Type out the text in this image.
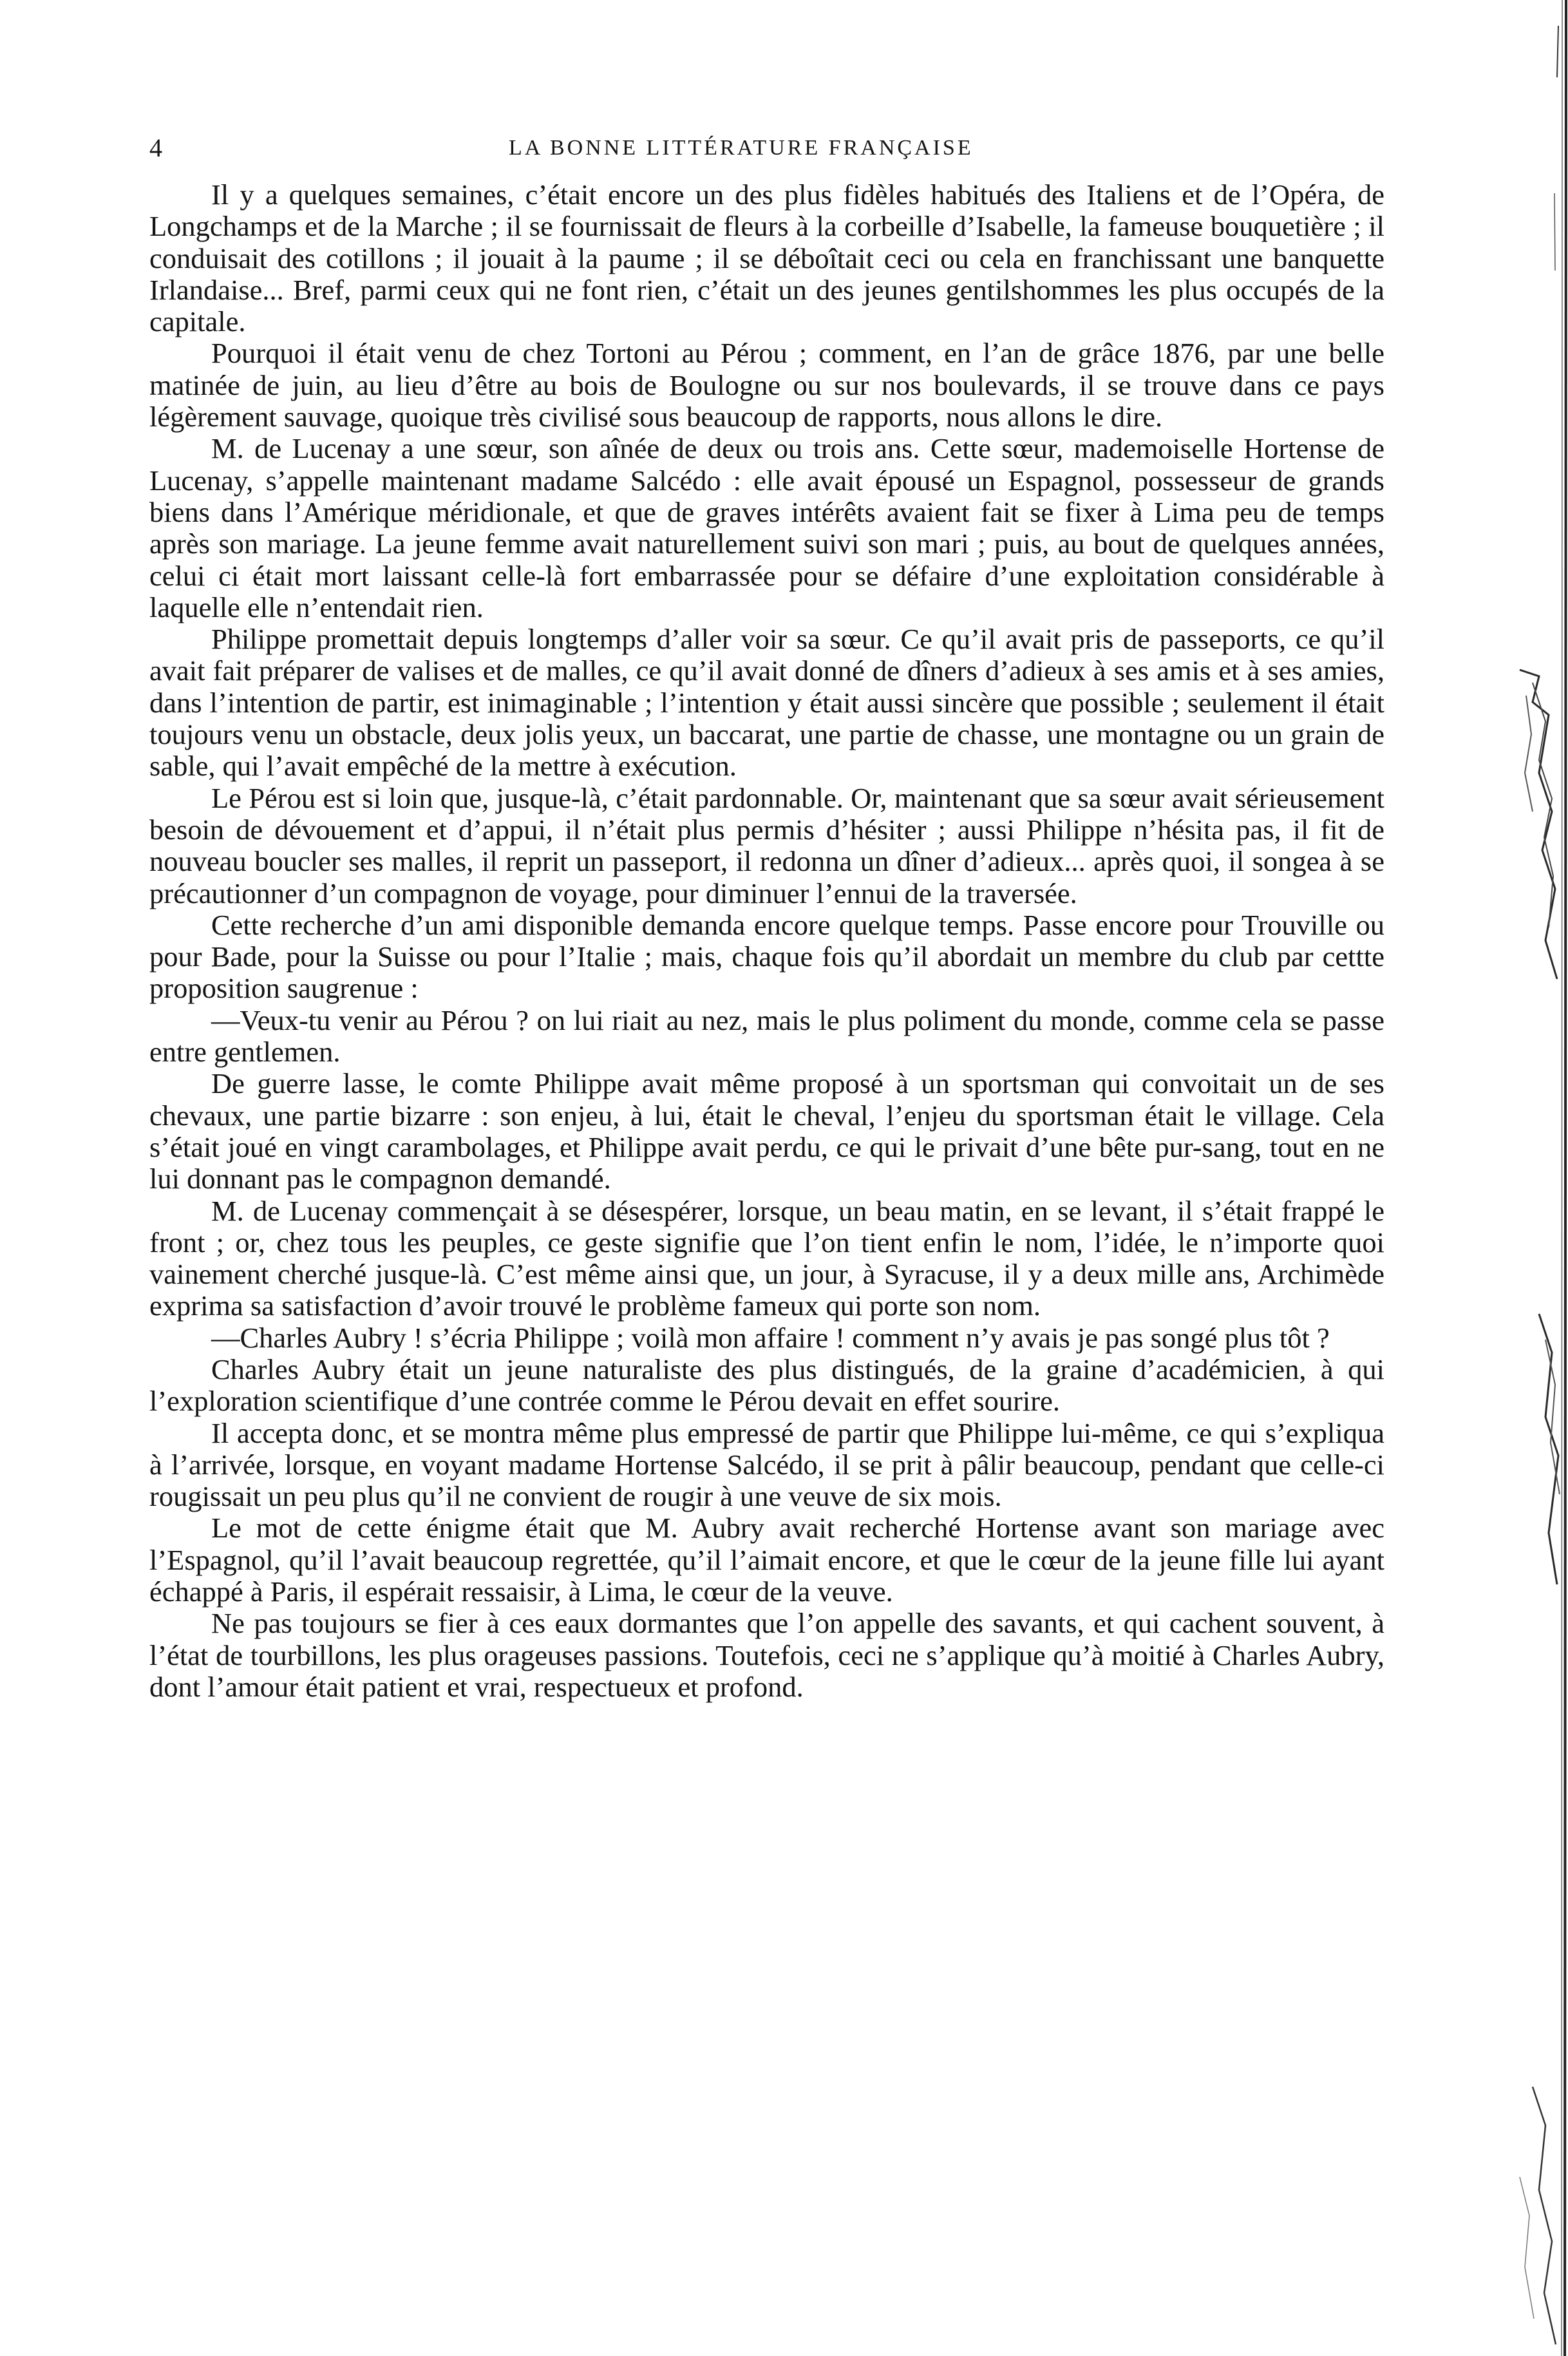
4	LA BONNE LITTÉRATURE FRANÇAISE

Il y a quelques semaines, c’était encore un des plus fidèles habitués des Italiens et de l’Opéra, de Longchamps et de la Marche ; il se fournissait de fleurs à la corbeille d’Isabelle, la fameuse bouquetière ; il conduisait des cotillons ; il jouait à la paume ; il se déboîtait ceci ou cela en franchissant une banquette Irlandaise... Bref, parmi ceux qui ne font rien, c’était un des jeunes gentilshommes les plus occupés de la capitale.

Pourquoi il était venu de chez Tortoni au Pérou ; comment, en l’an de grâce 1876, par une belle matinée de juin, au lieu d’être au bois de Boulogne ou sur nos boulevards, il se trouve dans ce pays légèrement sauvage, quoique très civilisé sous beaucoup de rapports, nous allons le dire.

M. de Lucenay a une sœur, son aînée de deux ou trois ans. Cette sœur, mademoiselle Hortense de Lucenay, s’appelle maintenant madame Salcédo : elle avait épousé un Espagnol, possesseur de grands biens dans l’Amérique méridionale, et que de graves intérêts avaient fait se fixer à Lima peu de temps après son mariage. La jeune femme avait naturellement suivi son mari ; puis, au bout de quelques années, celui ci était mort laissant celle-là fort embarrassée pour se défaire d’une exploitation considérable à laquelle elle n’entendait rien.

Philippe promettait depuis longtemps d’aller voir sa sœur. Ce qu’il avait pris de passeports, ce qu’il avait fait préparer de valises et de malles, ce qu’il avait donné de dîners d’adieux à ses amis et à ses amies, dans l’intention de partir, est inimaginable ; l’intention y était aussi sincère que possible ; seulement il était toujours venu un obstacle, deux jolis yeux, un baccarat, une partie de chasse, une montagne ou un grain de sable, qui l’avait empêché de la mettre à exécution.

Le Pérou est si loin que, jusque-là, c’était pardonnable. Or, maintenant que sa sœur avait sérieusement besoin de dévouement et d’appui, il n’était plus permis d’hésiter ; aussi Philippe n’hésita pas, il fit de nouveau boucler ses malles, il reprit un passeport, il redonna un dîner d’adieux... après quoi, il songea à se précautionner d’un compagnon de voyage, pour diminuer l’ennui de la traversée.

Cette recherche d’un ami disponible demanda encore quelque temps. Passe encore pour Trouville ou pour Bade, pour la Suisse ou pour l’Italie ; mais, chaque fois qu’il abordait un membre du club par cettte proposition saugrenue :

—Veux-tu venir au Pérou ? on lui riait au nez, mais le plus poliment du monde, comme cela se passe entre gentlemen.

De guerre lasse, le comte Philippe avait même proposé à un sportsman qui convoitait un de ses chevaux, une partie bizarre : son enjeu, à lui, était le cheval, l’enjeu du sportsman était le village. Cela s’était joué en vingt carambolages, et Philippe avait perdu, ce qui le privait d’une bête pur-sang, tout en ne lui donnant pas le compagnon demandé.

M. de Lucenay commençait à se désespérer, lorsque, un beau matin, en se levant, il s’était frappé le front ; or, chez tous les peuples, ce geste signifie que l’on tient enfin le nom, l’idée, le n’importe quoi vainement cherché jusque-là. C’est même ainsi que, un jour, à Syracuse, il y a deux mille ans, Archimède exprima sa satisfaction d’avoir trouvé le problème fameux qui porte son nom.

—Charles Aubry ! s’écria Philippe ; voilà mon affaire ! comment n’y avais je pas songé plus tôt ?

Charles Aubry était un jeune naturaliste des plus distingués, de la graine d’académicien, à qui l’exploration scientifique d’une contrée comme le Pérou devait en effet sourire.

Il accepta donc, et se montra même plus empressé de partir que Philippe lui-même, ce qui s’expliqua à l’arrivée, lorsque, en voyant madame Hortense Salcédo, il se prit à pâlir beaucoup, pendant que celle-ci rougissait un peu plus qu’il ne convient de rougir à une veuve de six mois.

Le mot de cette énigme était que M. Aubry avait recherché Hortense avant son mariage avec l’Espagnol, qu’il l’avait beaucoup regrettée, qu’il l’aimait encore, et que le cœur de la jeune fille lui ayant échappé à Paris, il espérait ressaisir, à Lima, le cœur de la veuve.

Ne pas toujours se fier à ces eaux dormantes que l’on appelle des savants, et qui cachent souvent, à l’état de tourbillons, les plus orageuses passions. Toutefois, ceci ne s’applique qu’à moitié à Charles Aubry, dont l’amour était patient et vrai, respectueux et profond.
